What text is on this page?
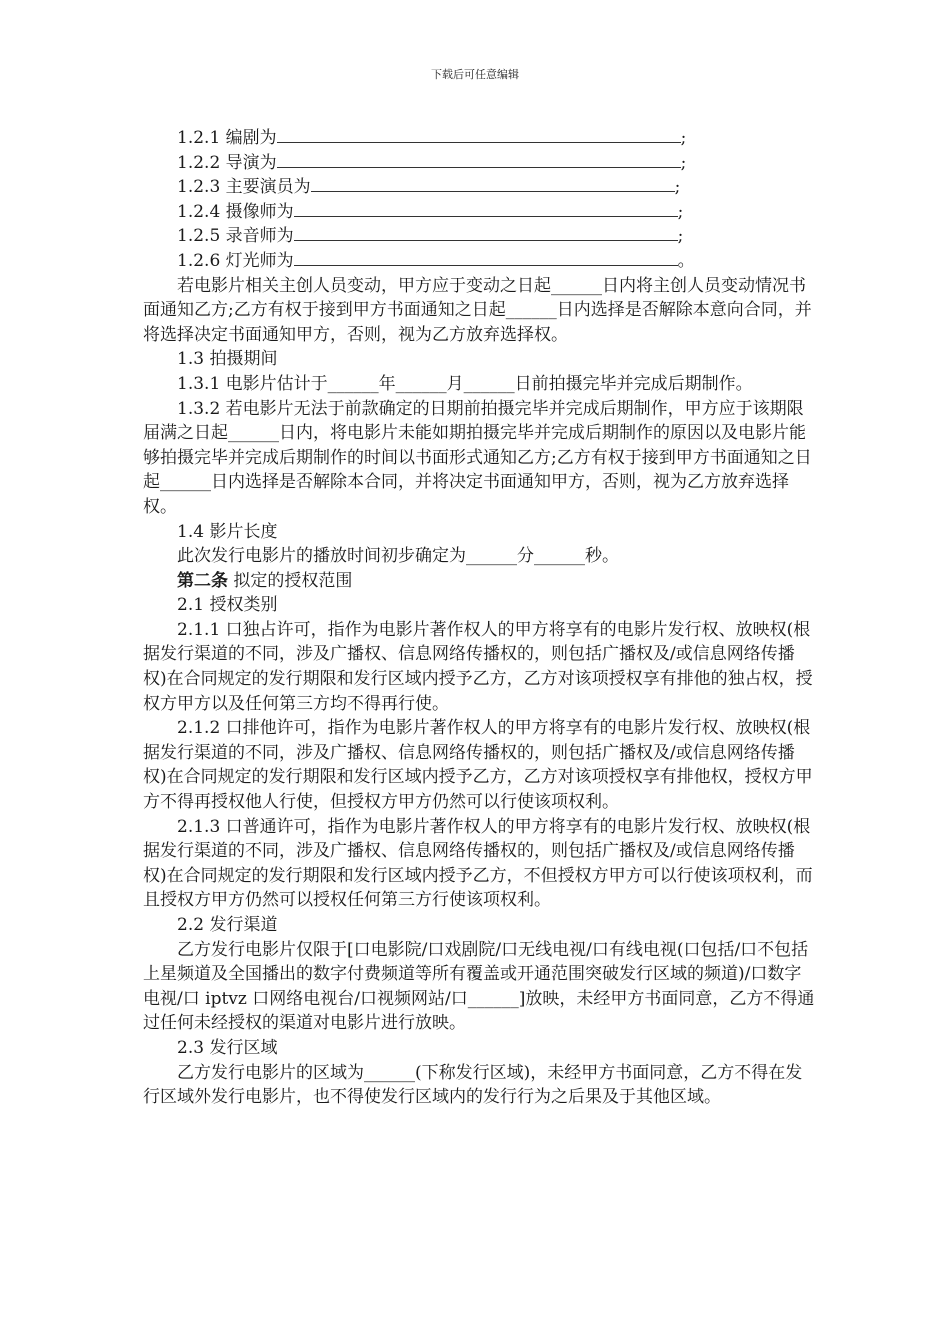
下载后可任意编辑
1.2.1 编剧为	;
1.2.2 导演为	;
1.2.3 主要演员为	;
1.2.4 摄像师为	;
1.2.5 录音师为	;
1.2.6 灯光师为	。

若电影片相关主创人员变动，甲方应于变动之日起______日内将主创人员变动情况书面通知乙方;乙方有权于接到甲方书面通知之日起______日内选择是否解除本意向合同，并将选择决定书面通知甲方，否则，视为乙方放弃选择权。

1.3 拍摄期间

1.3.1 电影片估计于______年______月______日前拍摄完毕并完成后期制作。

1.3.2 若电影片无法于前款确定的日期前拍摄完毕并完成后期制作，甲方应于该期限届满之日起______日内，将电影片未能如期拍摄完毕并完成后期制作的原因以及电影片能够拍摄完毕并完成后期制作的时间以书面形式通知乙方;乙方有权于接到甲方书面通知之日起______日内选择是否解除本合同，并将决定书面通知甲方，否则，视为乙方放弃选择权。

1.4 影片长度

此次发行电影片的播放时间初步确定为______分______秒。

第二条 拟定的授权范围

2.1 授权类别

2.1.1 口独占许可，指作为电影片著作权人的甲方将享有的电影片发行权、放映权(根据发行渠道的不同，涉及广播权、信息网络传播权的，则包括广播权及/或信息网络传播权)在合同规定的发行期限和发行区域内授予乙方，乙方对该项授权享有排他的独占权，授权方甲方以及任何第三方均不得再行使。

2.1.2 口排他许可，指作为电影片著作权人的甲方将享有的电影片发行权、放映权(根据发行渠道的不同，涉及广播权、信息网络传播权的，则包括广播权及/或信息网络传播权)在合同规定的发行期限和发行区域内授予乙方，乙方对该项授权享有排他权，授权方甲方不得再授权他人行使，但授权方甲方仍然可以行使该项权利。

2.1.3 口普通许可，指作为电影片著作权人的甲方将享有的电影片发行权、放映权(根据发行渠道的不同，涉及广播权、信息网络传播权的，则包括广播权及/或信息网络传播权)在合同规定的发行期限和发行区域内授予乙方，不但授权方甲方可以行使该项权利，而且授权方甲方仍然可以授权任何第三方行使该项权利。

2.2 发行渠道

乙方发行电影片仅限于[口电影院/口戏剧院/口无线电视/口有线电视(口包括/口不包括上星频道及全国播出的数字付费频道等所有覆盖或开通范围突破发行区域的频道)/口数字电视/口 iptvz 口网络电视台/口视频网站/口______]放映，未经甲方书面同意，乙方不得通过任何未经授权的渠道对电影片进行放映。

2.3 发行区域

乙方发行电影片的区域为______(下称发行区域)，未经甲方书面同意，乙方不得在发行区域外发行电影片，也不得使发行区域内的发行行为之后果及于其他区域。
